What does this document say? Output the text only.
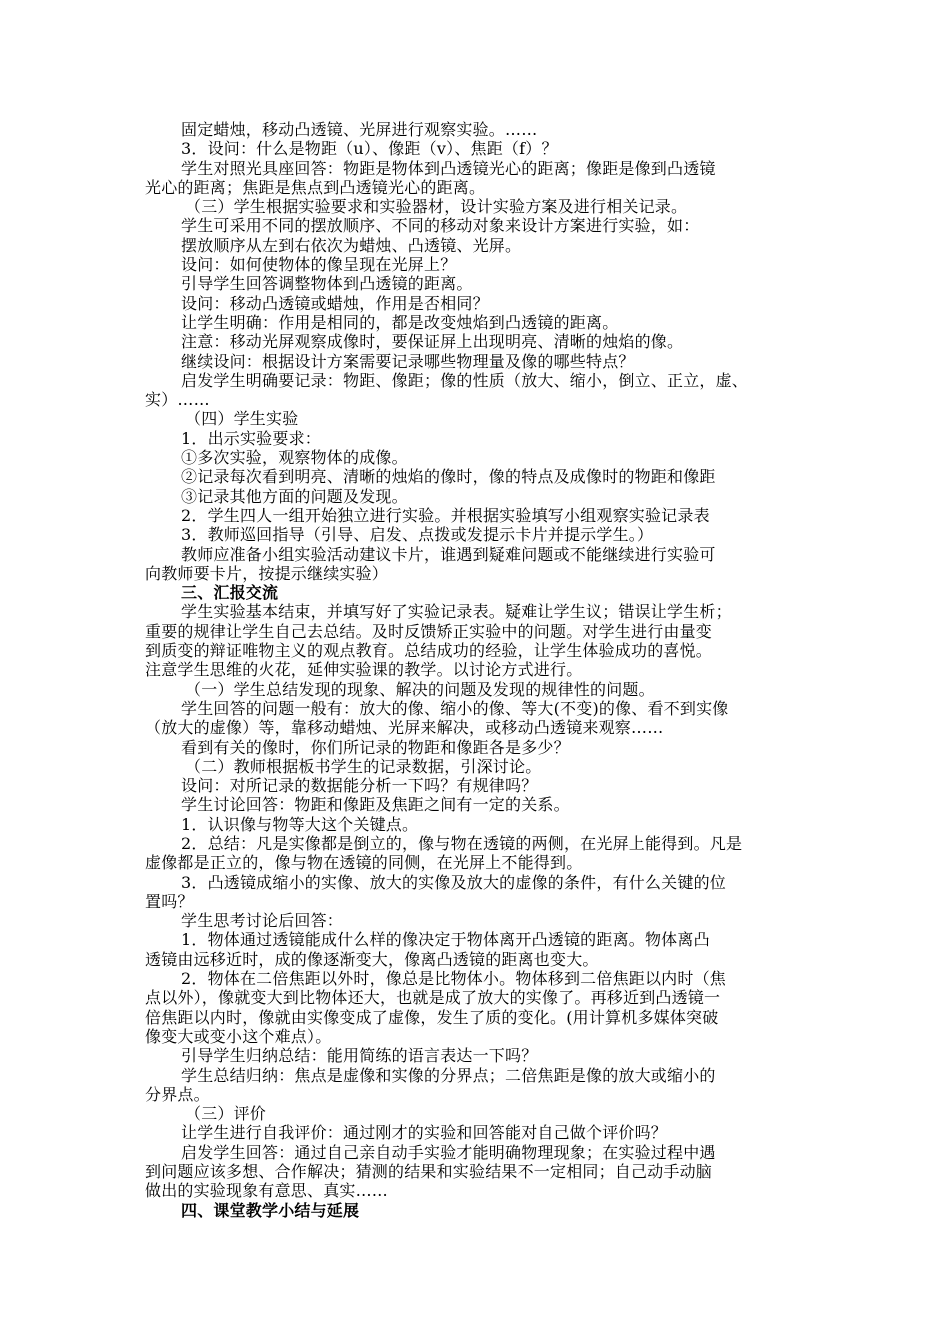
固定蜡烛，移动凸透镜、光屏进行观察实验。……
3．设问：什么是物距（u）、像距（v）、焦距（f）？
学生对照光具座回答：物距是物体到凸透镜光心的距离；像距是像到凸透镜
光心的距离；焦距是焦点到凸透镜光心的距离。
（三）学生根据实验要求和实验器材，设计实验方案及进行相关记录。
学生可采用不同的摆放顺序、不同的移动对象来设计方案进行实验，如：
摆放顺序从左到右依次为蜡烛、凸透镜、光屏。
设问：如何使物体的像呈现在光屏上？
引导学生回答调整物体到凸透镜的距离。
设问：移动凸透镜或蜡烛，作用是否相同？
让学生明确：作用是相同的，都是改变烛焰到凸透镜的距离。
注意：移动光屏观察成像时，要保证屏上出现明亮、清晰的烛焰的像。
继续设问：根据设计方案需要记录哪些物理量及像的哪些特点？
启发学生明确要记录：物距、像距；像的性质（放大、缩小，倒立、正立，虚、
实）……
（四）学生实验
1．出示实验要求：
①多次实验，观察物体的成像。
②记录每次看到明亮、清晰的烛焰的像时，像的特点及成像时的物距和像距
③记录其他方面的问题及发现。
2．学生四人一组开始独立进行实验。并根据实验填写小组观察实验记录表
3．教师巡回指导（引导、启发、点拨或发提示卡片并提示学生。）
教师应准备小组实验活动建议卡片，谁遇到疑难问题或不能继续进行实验可
向教师要卡片，按提示继续实验）
三、汇报交流
学生实验基本结束，并填写好了实验记录表。疑难让学生议；错误让学生析；
重要的规律让学生自己去总结。及时反馈矫正实验中的问题。对学生进行由量变
到质变的辩证唯物主义的观点教育。总结成功的经验，让学生体验成功的喜悦。
注意学生思维的火花，延伸实验课的教学。以讨论方式进行。
（一）学生总结发现的现象、解决的问题及发现的规律性的问题。
学生回答的问题一般有：放大的像、缩小的像、等大(不变)的像、看不到实像
（放大的虚像）等，靠移动蜡烛、光屏来解决，或移动凸透镜来观察……
看到有关的像时，你们所记录的物距和像距各是多少？
（二）教师根据板书学生的记录数据，引深讨论。
设问：对所记录的数据能分析一下吗？有规律吗？
学生讨论回答：物距和像距及焦距之间有一定的关系。
1．认识像与物等大这个关键点。
2．总结：凡是实像都是倒立的，像与物在透镜的两侧，在光屏上能得到。凡是
虚像都是正立的，像与物在透镜的同侧，在光屏上不能得到。
3．凸透镜成缩小的实像、放大的实像及放大的虚像的条件，有什么关键的位
置吗？
学生思考讨论后回答：
1．物体通过透镜能成什么样的像决定于物体离开凸透镜的距离。物体离凸
透镜由远移近时，成的像逐渐变大，像离凸透镜的距离也变大。
2．物体在二倍焦距以外时，像总是比物体小。物体移到二倍焦距以内时（焦
点以外），像就变大到比物体还大，也就是成了放大的实像了。再移近到凸透镜一
倍焦距以内时，像就由实像变成了虚像，发生了质的变化。(用计算机多媒体突破
像变大或变小这个难点）。
引导学生归纳总结：能用简练的语言表达一下吗？
学生总结归纳：焦点是虚像和实像的分界点；二倍焦距是像的放大或缩小的
分界点。
（三）评价
让学生进行自我评价：通过刚才的实验和回答能对自己做个评价吗？
启发学生回答：通过自己亲自动手实验才能明确物理现象；在实验过程中遇
到问题应该多想、合作解决；猜测的结果和实验结果不一定相同；自己动手动脑
做出的实验现象有意思、真实……
四、课堂教学小结与延展
